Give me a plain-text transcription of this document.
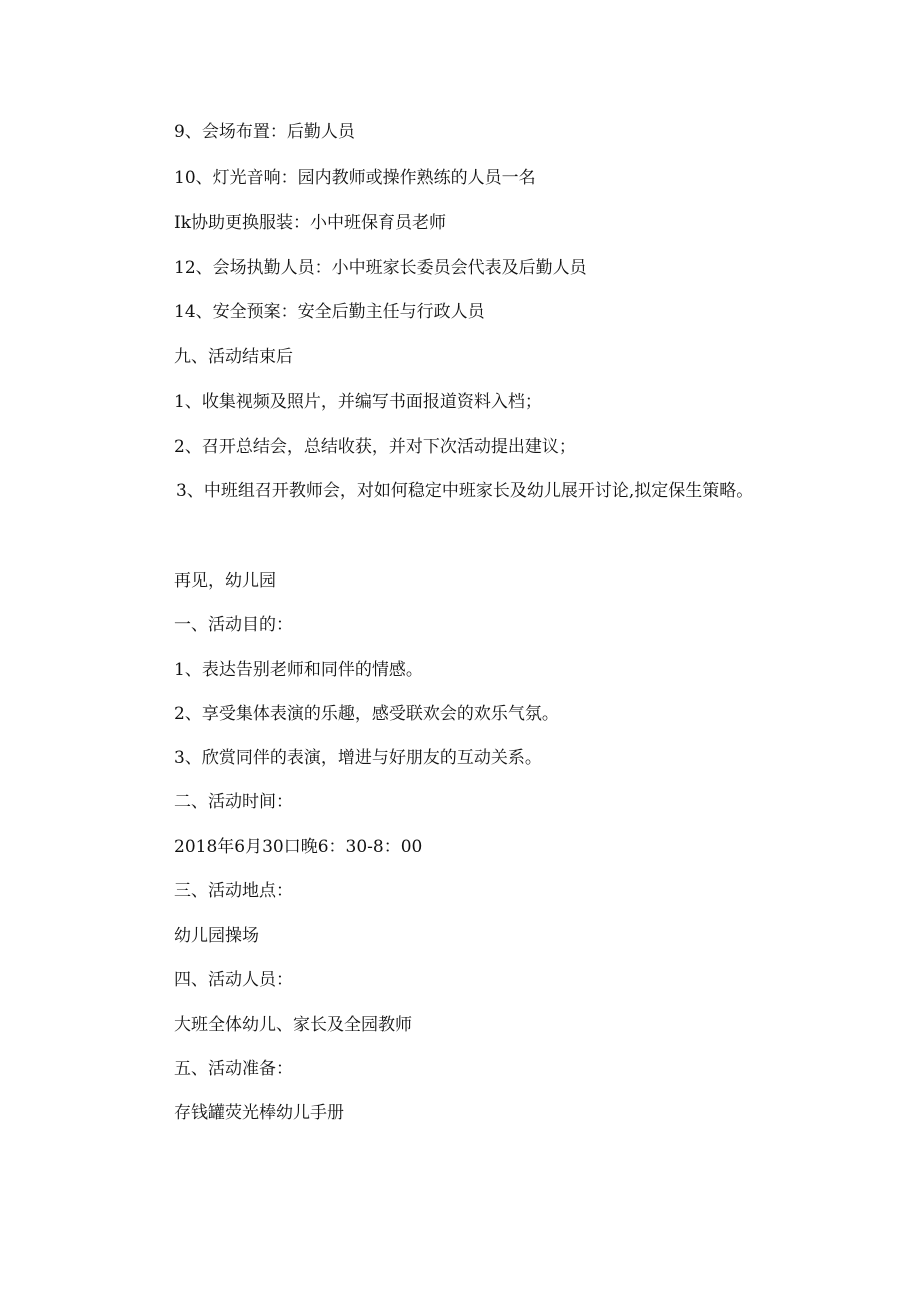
9、会场布置：后勤人员

10、灯光音响：园内教师或操作熟练的人员一名

Ik协助更换服装：小中班保育员老师

12、会场执勤人员：小中班家长委员会代表及后勤人员

14、安全预案：安全后勤主任与行政人员

九、活动结束后

1、收集视频及照片，并编写书面报道资料入档；

2、召开总结会，总结收获，并对下次活动提出建议；

3、中班组召开教师会，对如何稳定中班家长及幼儿展开讨论,拟定保生策略。

再见，幼儿园

一、活动目的：

1、表达告别老师和同伴的情感。

2、享受集体表演的乐趣，感受联欢会的欢乐气氛。

3、欣赏同伴的表演，增进与好朋友的互动关系。

二、活动时间：

2018年6月30口晚6：30-8：00

三、活动地点：

幼儿园操场

四、活动人员：

大班全体幼儿、家长及全园教师

五、活动准备：

存钱罐荧光棒幼儿手册
